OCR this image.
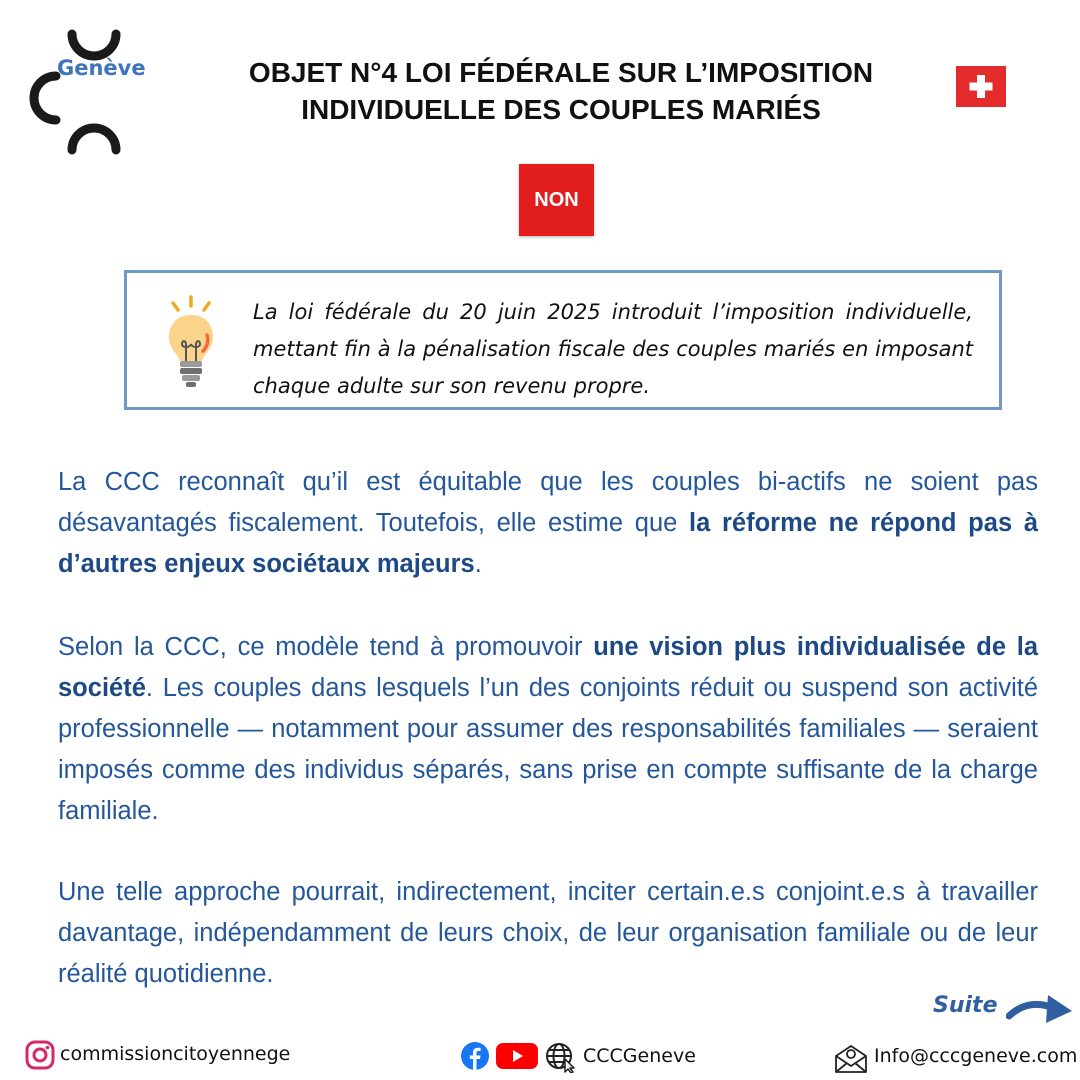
Genève	OBJET N°4 LOI FÉDÉRALE SUR L’IMPOSITION
INDIVIDUELLE DES COUPLES MARIÉS
NON
La loi fédérale du 20 juin 2025 introduit l’imposition individuelle, mettant fin à la pénalisation fiscale des couples mariés en imposant chaque adulte sur son revenu propre.

La CCC reconnaît qu’il est équitable que les couples bi-actifs ne soient pas désavantagés fiscalement. Toutefois, elle estime que la réforme ne répond pas à d’autres enjeux sociétaux majeurs.

Selon la CCC, ce modèle tend à promouvoir une vision plus individualisée de la société. Les couples dans lesquels l’un des conjoints réduit ou suspend son activité professionnelle — notamment pour assumer des responsabilités familiales — seraient imposés comme des individus séparés, sans prise en compte suffisante de la charge familiale.

Une telle approche pourrait, indirectement, inciter certain.e.s conjoint.e.s à travailler davantage, indépendamment de leurs choix, de leur organisation familiale ou de leur réalité quotidienne.

Suite
commissioncitoyennege	CCCGeneve	Info@cccgeneve.com
